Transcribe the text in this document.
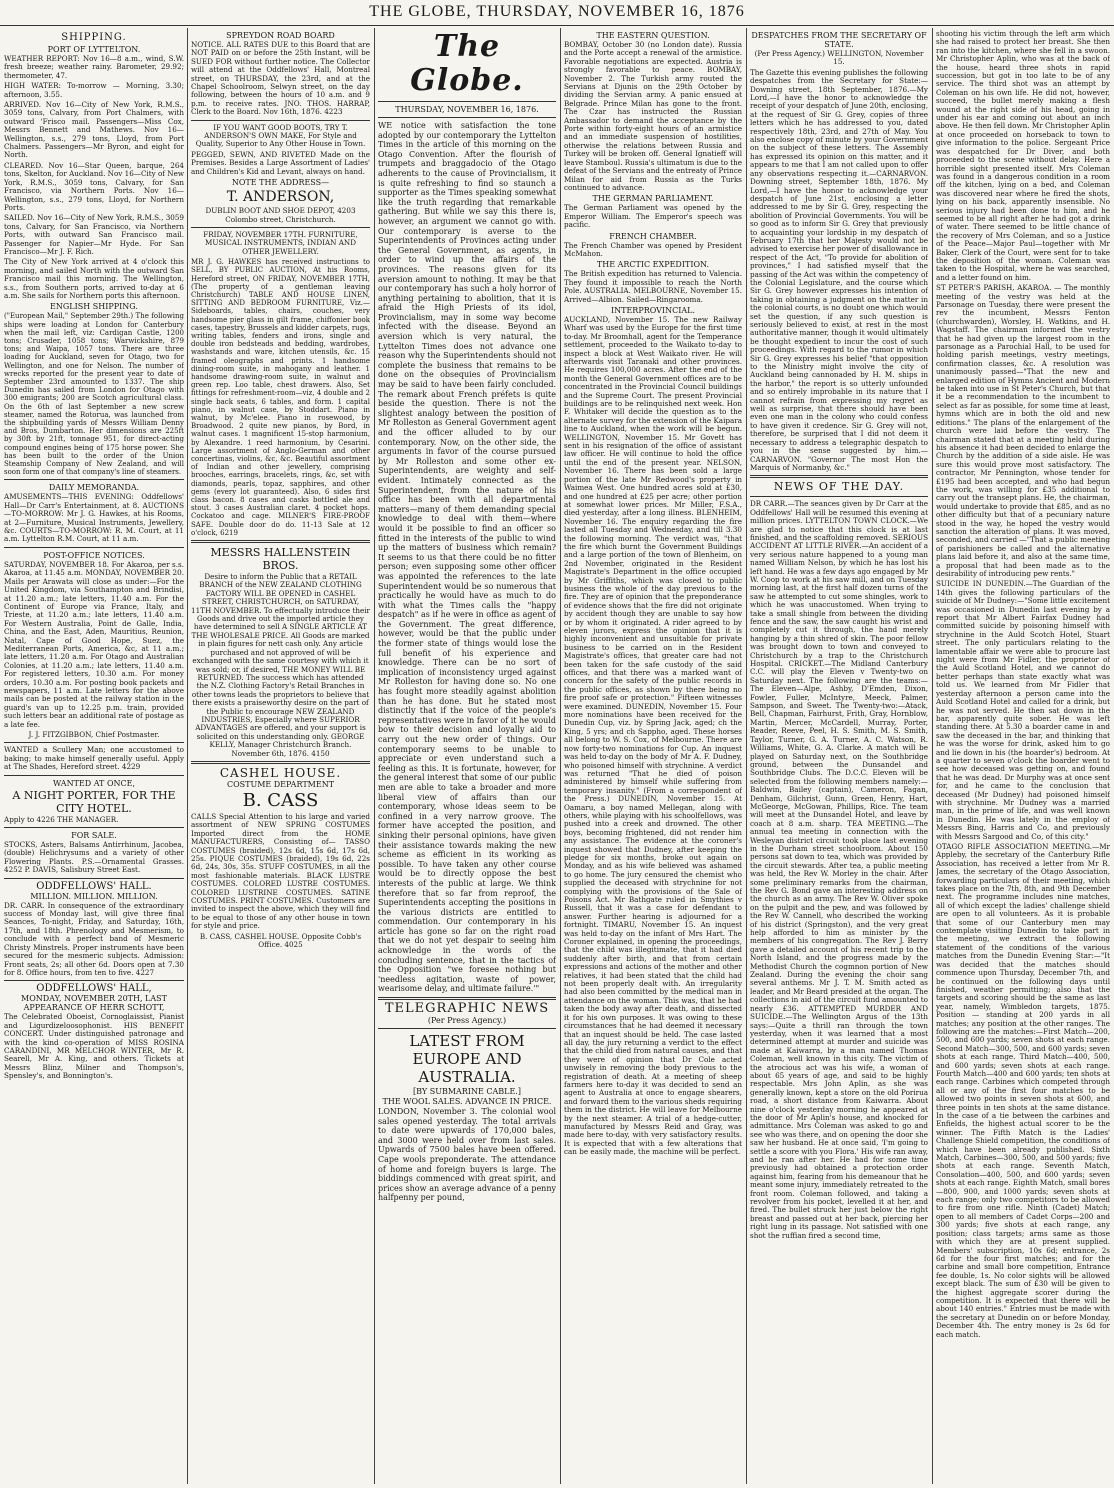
THE GLOBE, THURSDAY, NOVEMBER 16, 1876
SHIPPING.
PORT OF LYTTELTON.

WEATHER REPORT: Nov 16—8 a.m., wind, S.W. fresh breeze; weather rainy. Barometer, 29.92; thermometer, 47.

HIGH WATER: To-morrow — Morning, 3.30; afternoon, 3.55.

ARRIVED. Nov 16—City of New York, R.M.S., 3059 tons, Calvary, from Port Chalmers, with outward 'Frisco mail. Passengers—Miss Cox, Messrs Bennett and Mathews. Nov 16—Wellington, s.s., 279 tons, Lloyd, from Port Chalmers. Passengers—Mr Byron, and eight for North.

CLEARED. Nov 16—Star Queen, barque, 264 tons, Skelton, for Auckland. Nov 16—City of New York, R.M.S., 3059 tons, Calvary, for San Francisco, via Northern Ports. Nov 16—Wellington, s.s., 279 tons, Lloyd, for Northern Ports.

SAILED. Nov 16—City of New York, R.M.S., 3059 tons, Calvary, for San Francisco, via Northern Ports, with outward San Francisco mail. Passenger for Napier—Mr Hyde. For San Francisco—Mr J. F. Rich.

The City of New York arrived at 4 o'clock this morning, and sailed North with the outward San Francisco mail this morning. The Wellington, s.s., from Southern ports, arrived to-day at 6 a.m. She sails for Northern ports this afternoon.

ENGLISH SHIPPING.

("European Mail," September 29th.) The following ships were loading at London for Canterbury when the mail left, viz: Cardigan Castle, 1200 tons; Crusader, 1058 tons; Warwickshire, 879 tons; and Waipa, 1057 tons. There are three loading for Auckland, seven for Otago, two for Wellington, and one for Nelson. The number of wrecks reported for the present year to date of September 23rd amounted to 1337. The ship Dunedin has sailed from London for Otago with 300 emigrants; 200 are Scotch agricultural class. On the 6th of last September a new screw steamer, named the Rotorua, was launched from the shipbuilding yards of Messrs William Denny and Bros, Dumbarton. Her dimensions are 225ft by 30ft by 21ft, tonnage 951, for direct-acting compound engines being of 175 horse power. She has been built to the order of the Union Steamship Company of New Zealand, and will soon form one of that company's line of steamers.

DAILY MEMORANDA.

AMUSEMENTS—THIS EVENING: Oddfellows' Hall—Dr Carr's Entertainment, at 8. AUCTIONS—TO-MORROW: Mr J. G. Hawkes, at his Rooms, at 2—Furniture, Musical Instruments, Jewellery, &c. COURTS—TO-MORROW: R. M. Court, at 11 a.m. Lyttelton R.M. Court, at 11 a.m.

POST-OFFICE NOTICES.

SATURDAY, NOVEMBER 18. For Akaroa, per s.s. Akaroa, at 11.45 a.m. MONDAY, NOVEMBER 20. Mails per Arawata will close as under:—For the United Kingdom, via Southampton and Brindisi, at 11.20 a.m.; late letters, 11.40 a.m. For the Continent of Europe via France, Italy, and Trieste, at 11.20 a.m.; late letters, 11.40 a.m. For Western Australia, Point de Galle, India, China, and the East, Aden, Mauritius, Reunion, Natal, Cape of Good Hope, Suez, the Mediterranean Ports, America, &c, at 11 a.m.; late letters, 11.20 a.m. For Otago and Australian Colonies, at 11.20 a.m.; late letters, 11.40 a.m. For registered letters, 10.30 a.m. For money orders, 10.30 a.m. For posting book packets and newspapers, 11 a.m. Late letters for the above mails can be posted at the railway station in the guard's van up to 12.25 p.m. train, provided such letters bear an additional rate of postage as a late fee.

J. J. FITZGIBBON, Chief Postmaster.

WANTED a Scullery Man; one accustomed to baking; to make himself generally useful. Apply at The Shades, Hereford street. 4229

WANTED AT ONCE,
A NIGHT PORTER, FOR THE CITY HOTEL.

Apply to 4226 THE MANAGER.

FOR SALE.

STOCKS, Asters, Balsams Antirrhinum, Jacobea, (double) Helichrysums and a variety of other Flowering Plants. P.S.—Ornamental Grasses. 4252 P. DAVIS, Salisbury Street East.

ODDFELLOWS' HALL.
MILLION. MILLION. MILLION.

DR. CARR. In consequence of the extraordinary success of Monday last, will give three final Seances, To-night, Friday, and Saturday, 16th, 17th, and 18th. Phrenology and Mesmerism, to conclude with a perfect band of Mesmeric Christy Minstrels. Proper instruments have been secured for the mesmeric subjects. Admission: Front seats, 2s; all other 6d. Doors open at 7.30 for 8. Office hours, from ten to five. 4227

ODDFELLOWS' HALL,
MONDAY, NOVEMBER 20TH, LAST APPEARANCE OF HERR SCHOTT,

The Celebrated Oboeist, Cornoglaissist, Pianist and Ligurdizeloosophonist. HIS BENEFIT CONCERT. Under distinguished patronage and with the kind co-operation of MISS ROSINA CARANDINI, MR MELCHOR WINTER, Mr R. Searell, Mr A. King, and others. Tickets at Messrs Blinz, Milner and Thompson's, Spensley's, and Bonnington's.

SPREYDON ROAD BOARD

NOTICE. ALL RATES DUE to this Board that are NOT PAID on or before the 25th Instant, will be SUED FOR without further notice. The Collector will attend at the Oddfellows' Hall, Montreal street, on THURSDAY, the 23rd, and at the Chapel Schoolroom, Selwyn street, on the day following, between the hours of 10 a.m. and 9 p.m. to receive rates. JNO. THOS. HARRAP, Clerk to the Board. Nov 16th, 1876. 4223

IF YOU WANT GOOD BOOTS, TRY T. ANDERSON'S OWN MAKE, For Style and Quality, Superior to Any Other House in Town.

PEGGED, SEWN, AND RIVETED Made on the Premises. Besides a Large Assortment of Ladies' and Children's Kid and Levant, always on hand.

NOTE THE ADDRESS—
T. ANDERSON,

DUBLIN BOOT AND SHOE DEPOT, 4203 Colombo street, Christchurch.

FRIDAY, NOVEMBER 17TH. FURNITURE, MUSICAL INSTRUMENTS, INDIAN AND OTHER JEWELLERY.

MR J. G. HAWKES has received instructions to SELL, BY PUBLIC AUCTION, At his Rooms, Hereford street, ON FRIDAY, NOVEMBER 17TH, (The property of a gentleman leaving Christchurch) TABLE AND HOUSE LINEN, SITTING AND BEDROOM FURNITURE, Viz.— Sideboards, tables, chairs, couches, very handsome pier glass in gilt frame, chiffonier book cases, tapestry, Brussels and kidder carpets, rugs, writing tables, fenders and irons, single and double iron bedsteads and bedding, wardrobes, washstands and ware, kitchen utensils, &c. 15 framed oleographs and prints. 1 handsome dining-room suite, in mahogany and leather. 1 handsome drawing-room suite, in walnut and green rep. Loo table, chest drawers. Also, Set fittings for refreshment-room—viz, 4 double and 2 single back seats, 6 tables, and form. 1 capital piano, in walnut case, by Stoddart. Piano in walnut, by Mc'elee. Piano in rosewood, by Broadwood. 2 quite new pianos, by Bord, in walnut cases. 1 magnificent 15-stop harmonium, by Alexandre. 1 reed harmonium, by Cesarini. Large assortment of Anglo-German and other concertinas, violins, &c, &c. Beautiful assortment of Indian and other jewellery, comprising brooches, earrings, bracelets, rings, &c, set with diamonds, pearls, topaz, sapphires, and other gems (every lot guaranteed). Also, 6 sides first class bacon. 8 cases and casks bottled ale and stout. 3 cases Australian claret. 4 pocket hops. Cockatoo and cage. MILNER'S FIRE-PROOF SAFE. Double door do do. 11-13 Sale at 12 o'clock, 6219

MESSRS HALLENSTEIN BROS.

Desire to inform the Public that a RETAIL BRANCH of the NEW ZEALAND CLOTHING FACTORY WILL BE OPENED in CASHEL STREET, CHRISTCHURCH, on SATURDAY, 11TH NOVEMBER. To effectually introduce their Goods and drive out the imported article they have determined to sell A SINGLE ARTICLE AT THE WHOLESALE PRICE. All Goods are marked in plain figures for nett cash only. Any article purchased and not approved of will be exchanged with the same courtesy with which it was sold; or, if desired, THE MONEY WILL BE RETURNED. The success which has attended the N.Z. Clothing Factory's Retail Branches in other towns leads the proprietors to believe that there exists a praiseworthy desire on the part of the Public to encourage NEW ZEALAND INDUSTRIES, Especially where SUPERIOR ADVANTAGES are offered, and your support is solicited on this understanding only. GEORGE KELLY, Manager Christchurch Branch. November 6th, 1876. 4150

CASHEL HOUSE.
COSTUME DEPARTMENT
B. CASS

CALLS Special Attention to his large and varied assortment of NEW SPRING COSTUMES Imported direct from the HOME MANUFACTURERS, Consisting of— TASSO COSTUMES (braided), 12s 6d, 15s 6d, 17s 6d, 25s. PIQUE COSTUMES (braided), 19s 6d, 22s 6d, 24s, 30s, 35s. STUFF COSTUMES, in all the most fashionable materials. BLACK LUSTRE COSTUMES. COLORED LUSTRE COSTUMES. COLORED LUSTRINE COSTUMES. SATINE COSTUMES. PRINT COSTUMES. Customers are invited to inspect the above, which they will find to be equal to those of any other house in town for style and price.

B. CASS, CASHEL HOUSE. Opposite Cobb's Office. 4025

The Globe.
THURSDAY, NOVEMBER 16, 1876.

WE notice with satisfaction the tone adopted by our contemporary the Lyttelton Times in the article of this morning on the Otago Convention. After the flourish of trumpets and braggadocio of the Otago adherents to the cause of Provincialism, it is quite refreshing to find so staunch a supporter as the Times speaking somewhat like the truth regarding that remarkable gathering. But while we say this there is, however, an argument we cannot go with. Our contemporary is averse to the Superintendents of Provinces acting under the General Government, as agents, in order to wind up the affairs of the provinces. The reasons given for its aversion amount to nothing. It may be that our contemporary has such a holy horror of anything pertaining to abolition, that it is afraid the High Priests of its idol, Provincialism, may in some way become infected with the disease. Beyond an aversion which is very natural, the Lyttelton Times does not advance one reason why the Superintendents should not complete the business that remains to be done on the obsequies of Provincialism may be said to have been fairly concluded. The remark about French préfets is quite beside the question. There is not the slightest analogy between the position of Mr Rolleston as General Government agent and the officer alluded to by our contemporary. Now, on the other side, the arguments in favor of the course pursued by Mr Rolleston and some other ex-Superintendents, are weighty and self-evident. Intimately connected as the Superintendent, from the nature of his office has been with all departmental matters—many of them demanding special knowledge to deal with them—where would it be possible to find an officer so fitted in the interests of the public to wind up the matters of business which remain? It seems to us that there could be no fitter person; even supposing some other officer was appointed the references to the late Superintendent would be so numerous that practically he would have as much to do with what the Times calls the "happy despatch" as if he were in office as agent of the Government. The great difference, however, would be that the public under the former state of things would lose the full benefit of his experience and knowledge. There can be no sort of implication of inconsistency urged against Mr Rolleston for having done so. No one has fought more steadily against abolition than he has done. But he stated most distinctly that if the voice of the people's representatives were in favor of it he would bow to their decision and loyally aid to carry out the new order of things. Our contemporary seems to be unable to appreciate or even understand such a feeling as this. It is fortunate, however, for the general interest that some of our public men are able to take a broader and more liberal view of affairs than our contemporary, whose ideas seem to be confined in a very narrow groove. The former have accepted the position, and sinking their personal opinions, have given their assistance towards making the new scheme as efficient in its working as possible. To have taken any other course would be to directly oppose the best interests of the public at large. We think therefore that so far from reproof, the Superintendents accepting the positions in the various districts are entitled to commendation. Our contemporary in his article has gone so far on the right road that we do not yet despair to seeing him acknowledge in the words of the concluding sentence, that in the tactics of the Opposition "we foresee nothing but 'needless agitation, waste of power, wearisome delay, and ultimate failure.'"

TELEGRAPHIC NEWS
(Per Press Agency.)
LATEST FROM EUROPE AND AUSTRALIA.
[BY SUBMARINE CABLE.]
THE WOOL SALES. ADVANCE IN PRICE.

LONDON, November 3. The colonial wool sales opened yesterday. The total arrivals to date were upwards of 170,000 bales, and 3000 were held over from last sales. Upwards of 7500 bales have been offered. Cape wools preponderate. The attendance of home and foreign buyers is large. The biddings commenced with great spirit, and prices show an average advance of a penny halfpenny per pound,

THE EASTERN QUESTION.

BOMBAY, October 30 (no London date). Russia and the Porte accept a renewal of the armistice. Favorable negotiations are expected. Austria is strongly favorable to peace. BOMBAY, November 2. The Turkish army routed the Servians at Djunis on the 29th October by dividing the Servian army. A panic ensued at Belgrade. Prince Milan has gone to the front. The Czar has instructed the Russian Ambassador to demand the acceptance by the Porte within forty-eight hours of an armistice and an immediate suspension of hostilities, otherwise the relations between Russia and Turkey will be broken off. General Ignatieff will leave Stamboul. Russia's ultimatum is due to the defeat of the Servians and the entreaty of Prince Milan for aid from Russia as the Turks continued to advance.

THE GERMAN PARLIAMENT.

The German Parliament was opened by the Emperor William. The Emperor's speech was pacific.

FRENCH CHAMBER.

The French Chamber was opened by President McMahon.

THE ARCTIC EXPEDITION.

The British expedition has returned to Valencia. They found it impossible to reach the North Pole. AUSTRALIA. MELBOURNE, November 15. Arrived—Albion. Sailed—Ringarooma.

INTERPROVINCIAL.

AUCKLAND, November 15. The new Railway Wharf was used by the Europe for the first time to-day. Mr Broomhall, agent for the Temperance settlement, proceeded to the Waikato to-day to inspect a block at West Waikato river. He will afterwards visit Taranaki and other provinces. He requires 100,000 acres. After the end of the month the General Government offices are to be concentrated in the Provincial Council buildings and the Supreme Court. The present Provincial buildings are to be relinquished next week. Hon F. Whitaker will decide the question as to the alternate survey for the extension of the Kaipara line to Auckland, when the work will be begun. WELLINGTON, November 15. Mr Govett has sent in his resignation of the office of assistant law officer. He will continue to hold the office until the end of the present year. NELSON, November 16. There has been sold a large portion of the late Mr Redwood's property in Waimea West. One hundred acres sold at £30, and one hundred at £25 per acre; other portion at somewhat lower prices. Mr Miller, F.S.A., died yesterday, after a long illness. BLENHEIM, November 16. The enquiry regarding the fire lasted all Tuesday and Wednesday, and till 3.30 the following morning. The verdict was, "that the fire which burnt the Government Buildings and a large portion of the town of Blenheim, on 2nd November, originated in the Resident Magistrate's Department in the office occupied by Mr Griffiths, which was closed to public business the whole of the day previous to the fire. They are of opinion that the preponderance of evidence shows that the fire did not originate by accident though they are unable to say how or by whom it originated. A rider agreed to by eleven jurors, express the opinion that it is highly inconvenient and unsuitable for private business to be carried on in the Resident Magistrate's offices, that greater care had not been taken for the safe custody of the said offices, and that there was a marked want of concern for the safety of the public records in the public offices, as shown by there being no fire proof safe or protection." Fifteen witnesses were examined. DUNEDIN, November 15. Four more nominations have been received for the Dunedin Cup, viz. by Spring Jack, aged; ch the King, 5 yrs; and ch Sappho, aged. These horses all belong to W. S. Cox, of Melbourne. There are now forty-two nominations for Cup. An inquest was held to-day on the body of Mr A. F. Dudney, who poisoned himself with strychnine. A verdict was returned "That he died of poison administered by himself while suffering from temporary insanity." (From a correspondent of the Press.) DUNEDIN, November 15. At Oamaru, a boy named Mellegan, along with others, while playing with his schoolfellows, was pushed into a creek and drowned. The other boys, becoming frightened, did not render him any assistance. The evidence at the coroner's inquest showed that Dudney, after keeping the pledge for six months, broke out again on Monday, and as his wife believed was ashamed to go home. The jury censured the chemist who supplied the deceased with strychnine for not complying with the provisions of the Sale of Poisons Act. Mr Bathgate ruled in Smythies v Russell, that it was a case for defendant to answer. Further hearing is adjourned for a fortnight. TIMARU, November 15. An inquest was held to-day on the infant of Mrs Hart. The Coroner explained, in opening the proceedings, that the child was illegitimate, that it had died suddenly after birth, and that from certain expressions and actions of the mother and other relatives, it had been stated that the child had not been properly dealt with. An irregularity had also been committed by the medical man in attendance on the woman. This was, that he had taken the body away after death, and dissected it for his own purposes. It was owing to these circumstances that he had deemed it necessary that an inquest should be held. The case lasted all day, the jury returning a verdict to the effect that the child died from natural causes, and that they were of opinion that Dr Cole acted unwisely in removing the body previous to the registration of death. At a meeting of sheep farmers here to-day it was decided to send an agent to Australia at once to engage shearers, and forward them to the various sheds requiring them in the district. He will leave for Melbourne by the next steamer. A trial of a hedge-cutter, manufactured by Messrs Reid and Gray, was made here to-day, with very satisfactory results. It is expected that with a few alterations that can be easily made, the machine will be perfect.

DESPATCHES FROM THE SECRETARY OF STATE.

(Per Press Agency.) WELLINGTON, November 15.

The Gazette this evening publishes the following despatches from the Secretary for State:— Downing street, 18th September, 1876.—My Lord,—I have the honor to acknowledge the receipt of your despatch of June 20th, enclosing, at the request of Sir G. Grey, copies of three letters which he has addressed to you, dated respectively 18th, 23rd, and 27th of May. You also enclose copy of minute by your Government on the subject of these letters. The Assembly has expressed its opinion on this matter, and it appears to me that I am not called upon to offer any observations respecting it.—CARNARVON. Downing street, September 18th, 1876. My Lord,—I have the honor to acknowledge your despatch of June 21st, enclosing a letter addressed to me by Sir G. Grey, respecting the abolition of Provincial Governments. You will be so good as to inform Sir G. Grey that previously to acquainting your lordship in my despatch of February 17th that her Majesty would not be advised to exercise her power of disallowance in respect of the Act, "To provide for abolition of provinces," I had satisfied myself that the passing of the Act was within the competency of the Colonial Legislature, and the course which Sir G. Grey however expresses his intention of taking in obtaining a judgment on the matter in the colonial courts, is no doubt one which would set the question, if any such question is seriously believed to exist, at rest in the most authoritative manner, though it would ultimately be thought expedient to incur the cost of such proceedings. With regard to the rumor in which Sir G. Grey expresses his belief "that opposition to the Ministry might involve the city of Auckland being cannonaded by H. M. ships in the harbor," the report is so utterly unfounded and so entirely improbable in its nature that I cannot refrain from expressing my regret as well as surprise, that there should have been even one man in the colony who could confess to have given it credence. Sir G. Grey will not, therefore, be surprised that I did not deem it necessary to address a telegraphic despatch to you in the sense suggested by him.—CARNARVON. "Governor The most Hon the Marquis of Normanby, &c."

NEWS OF THE DAY.

DR CARR.—The seances given by Dr Carr at the Oddfellows' Hall will be resumed this evening at million prices. LYTTELTON TOWN CLOCK.—We are glad to notice that this clock is at last finished, and the scaffolding removed. SERIOUS ACCIDENT AT LITTLE RIVER.—An accident of a very serious nature happened to a young man named William Nelson, by which he has lost his left hand. He was a few days ago engaged by Mr W. Coop to work at his saw mill, and on Tuesday morning last, at the first half dozen turns of the saw he attempted to cut some shingles, work to which he was unaccustomed. When trying to take a small shingle from between the dividing fence and the saw, the saw caught his wrist and completely cut it through, the hand merely hanging by a thin shred of skin. The poor fellow was brought down to town and conveyed to Christchurch by a trap to the Christchurch Hospital. CRICKET.—The Midland Canterbury C.C. will play the Eleven v Twenty-two on Saturday next. The following are the teams:—The Eleven—Alpe, Ashby, D'Emden, Dixon, Fowler, Fuller, McIntyre, Meeck, Palmer, Sampson, and Sweet. The Twenty-two:—Atack, Bell, Chapman, Fairhurst, Frith, Gray, Hornblow, Martin, Mercer, McCardell, Murray, Porter, Reader, Reeve, Peel, H. S. Smith, M. S. Smith, Taylor, Turner, G. A. Turner, A. C. Watson, R. Williams, White, G. A. Clarke. A match will be played on Saturday next, on the Southbridge ground, between the Dunsandel and Southbridge Clubs. The D.C.C. Eleven will be selected from the following members namely:—Baldwin, Bailey (captain), Cameron, Fagan, Denham, Gilchrist, Gunn, Green, Henry, Hart, McGeorge, McGowan, Phillips, Rice. The team will meet at the Dunsandel Hotel, and leave by coach at 8 a.m. sharp. TEA MEETING.—The annual tea meeting in connection with the Wesleyan district circuit took place last evening in the Durham street schoolroom. About 150 persons sat down to tea, which was provided by the circuit stewards. After tea, a public meeting was held, the Rev W. Morley in the chair. After some preliminary remarks from the chairman, the Rev G. Bond gave an interesting address on the church as an army. The Rev W. Oliver spoke on the pulpit and the pew, and was followed by the Rev W. Cannell, who described the working of his district (Springston), and the very great help afforded to him as minister by the members of his congregation. The Rev J. Berry gave a detailed account of his recent trip to the North Island, and the progress made by the Methodist Church the cogmnon portion of New Zealand. During the evening the choir sang several anthems. Mr J. T. M. Smith acted as leader, and Mr Beard presided at the organ. The collections in aid of the circuit fund amounted to nearly £36. ATTEMPTED MURDER AND SUICIDE.—The Wellington Argus of the 13th says:—Quite a thrill ran through the town yesterday, when it was learned that a most determined attempt at murder and suicide was made at Kaiwarra, by a man named Thomas Coleman, well known in this city. The victim of the atrocious act was his wife, a woman of about 65 years of age, and said to be highly respectable. Mrs John Aplin, as she was generally known, kept a store on the old Porirua road, a short distance from Kaiwarra. About nine o'clock yesterday morning he appeared at the door of Mr Aplin's house, and knocked for admittance. Mrs Coleman was asked to go and see who was there, and on opening the door she saw her husband. He at once said, 'I'm going to settle a score with you Flora.' His wife ran away, and he ran after her. He had for some time previously had obtained a protection order against him, fearing from his demeanour that he meant some injury, immediately retreated to the front room. Coleman followed, and taking a revolver from his pocket, levelled it at her, and fired. The bullet struck her just below the right breast and passed out at her back, piercing her right lung in its passage. Not satisfied with one shot the ruffian fired a second time,

shooting his victim through the left arm which she had raised to protect her breast. She then ran into the kitchen, where she fell in a swoon. Mr Christopher Aplin, who was at the back of the house, heard three shots in rapid succession, but got in too late to be of any service. The third shot was an attempt by Coleman on his own life. He did not, however, succeed, the bullet merely making a flesh wound at the right side of his head, going in under his ear and coming out about an inch above. He then fell down. Mr Christopher Aplin at once proceeded on horseback to town to give information to the police. Sergeant Price was despatched for Dr Diver, and both proceeded to the scene without delay. Here a horrible sight presented itself. Mrs Coleman was found in a dangerous condition in a room off the kitchen, lying on a bed, and Coleman was discovered near where he fired the shots, lying on his back, apparently insensible. No serious injury had been done to him, and he seemed to be all right after he had got a drink of water. There seemed to be little chance of the recovery of Mrs Coleman, and so a Justice of the Peace—Major Paul—together with Mr Baker, Clerk of the Court, were sent for to take the deposition of the woman. Coleman was taken to the Hospital, where he was searched, and a letter found on him.

ST PETER'S PARISH, AKAROA. — The monthly meeting of the vestry was held at the Parsonage on Tuesday, there were present the rev the incumbent, Messrs Fenton (churchwarden), Worsley, H. Watkins, and H. Wagstaff. The chairman informed the vestry that he had given up the largest room in the parsonage as a Parochial Hall, to be used for holding parish meetings, vestry meetings, confirmation classes, &c. A resolution was unanimously passed—"That the new and enlarged edition of Hymns Ancient and Modern be taken into use in St Peter's Church, but that it be a recommendation to the incumbent to select as far as possible, for some time at least, hymns which are in both the old and new editions." The plans of the enlargement of the church were laid before the vestry. The chairman stated that at a meeting held during his absence it had been decided to enlarge the Church by the addition of a side aisle. He was sure this would prove most satisfactory. The contractor, Mr Pennington, whose tender for £195 had been accepted, and who had begun the work, was willing for £35 additional to carry out the transept plans. He, the chairman, would undertake to provide that £85, and as no other difficulty but that of a pecuniary nature stood in the way, he hoped the vestry would sanction the alteration of plans. It was moved, seconded, and carried —"That a public meeting of parishioners be called and the alternative plans laid before it, and also at the same time, a proposal that had been made as to the desirability of introducing pew rents."

SUICIDE IN DUNEDIN.—The Guardian of the 14th gives the following particulars of the suicide of Mr Dudney:—"Some little excitement was occasioned in Dunedin last evening by a report that Mr Albert Fairfax Dudney had committed suicide by poisoning himself with strychnine in the Auld Scotch Hotel, Stuart street. The only particulars relating to the lamentable affair we were able to procure last night were from Mr Fidler, the proprietor of the Auld Scotland Hotel, and we cannot do better perhaps than state exactly what was told us. We learned from Mr Fidler that yesterday afternoon a person came into the Auld Scotland Hotel and called for a drink, but he was not served. He then sat down in the bar, apparently quite sober. He was left standing there. At 5.30 a boarder came in and saw the deceased in the bar, and thinking that he was the worse for drink, asked him to go and lie down in his (the boarder's) bedroom. At a quarter to seven o'clock the boarder went to see how deceased was getting on, and found that he was dead. Dr Murphy was at once sent for, and he came to the conclusion that deceased (Mr Dudney) had poisoned himself with strychnine. Mr Dudney was a married man, in the prime of life, and was well known in Dunedin. He was lately in the employ of Messrs Bing, Harris and Co, and previously with Messrs Sargood and Co, of this city."

OTAGO RIFLE ASSOCIATION MEETING.—Mr Appleby, the secretary of the Canterbury Rifle Association, has received a letter from Mr R. James, the secretary of the Otago Association, forwarding particulars of their meeting, which takes place on the 7th, 8th, and 9th December next. The programme includes nine matches, all of which except the ladies' challenge shield are open to all volunteers. As it is probable that some of our Canterbury men may contemplate visiting Dunedin to take part in the meeting, we extract the following statement of the conditions of the various matches from the Dunedin Evening Star:—"It was decided that the matches should commence upon Thursday, December 7th, and be continued on the following days until finished, weather permitting; also that the targets and scoring should be the same as last year, namely, Wimbledon targets, 1875. Position — standing at 200 yards in all matches; any position at the other ranges. The following are the matches:—First Match—200, 500, and 600 yards; seven shots at each range. Second Match—300, 500, and 600 yards; seven shots at each range. Third Match—400, 500, and 600 yards; seven shots at each range. Fourth Match—400 and 600 yards; ten shots at each range. Carbines which competed through all or any of the first four matches to be allowed two points in seven shots at 600, and three points in ten shots at the same distance. In the case of a tie between the carbines and Enfields, the highest actual scorer to be the winner. The Fifth Match is the Ladies' Challenge Shield competition, the conditions of which have been already published. Sixth Match, Carbines—300, 500, and 500 yards; five shots at each range. Seventh Match, Consolation—400, 500, and 600 yards; seven shots at each range. Eighth Match, small bores—800, 900, and 1000 yards; seven shots at each range; only two competitors to be allowed to fire from one rifle. Ninth (Cadet) Match; open to all members of Cadet Corps—200 and 300 yards; five shots at each range, any position; class targets; arms same as those with which they are at present supplied. Members' subscription, 10s 6d; entrance, 2s 6d for the four first matches; and for the carbine and small bore competition, Entrance fee double, 1s. No color sights will be allowed except black. The sum of £30 will be given to the highest aggregate scorer during the competition. It is expected that there will be about 140 entries." Entries must be made with the secretary at Dunedin on or before Monday, December 4th. The entry money is 2s 6d for each match.
